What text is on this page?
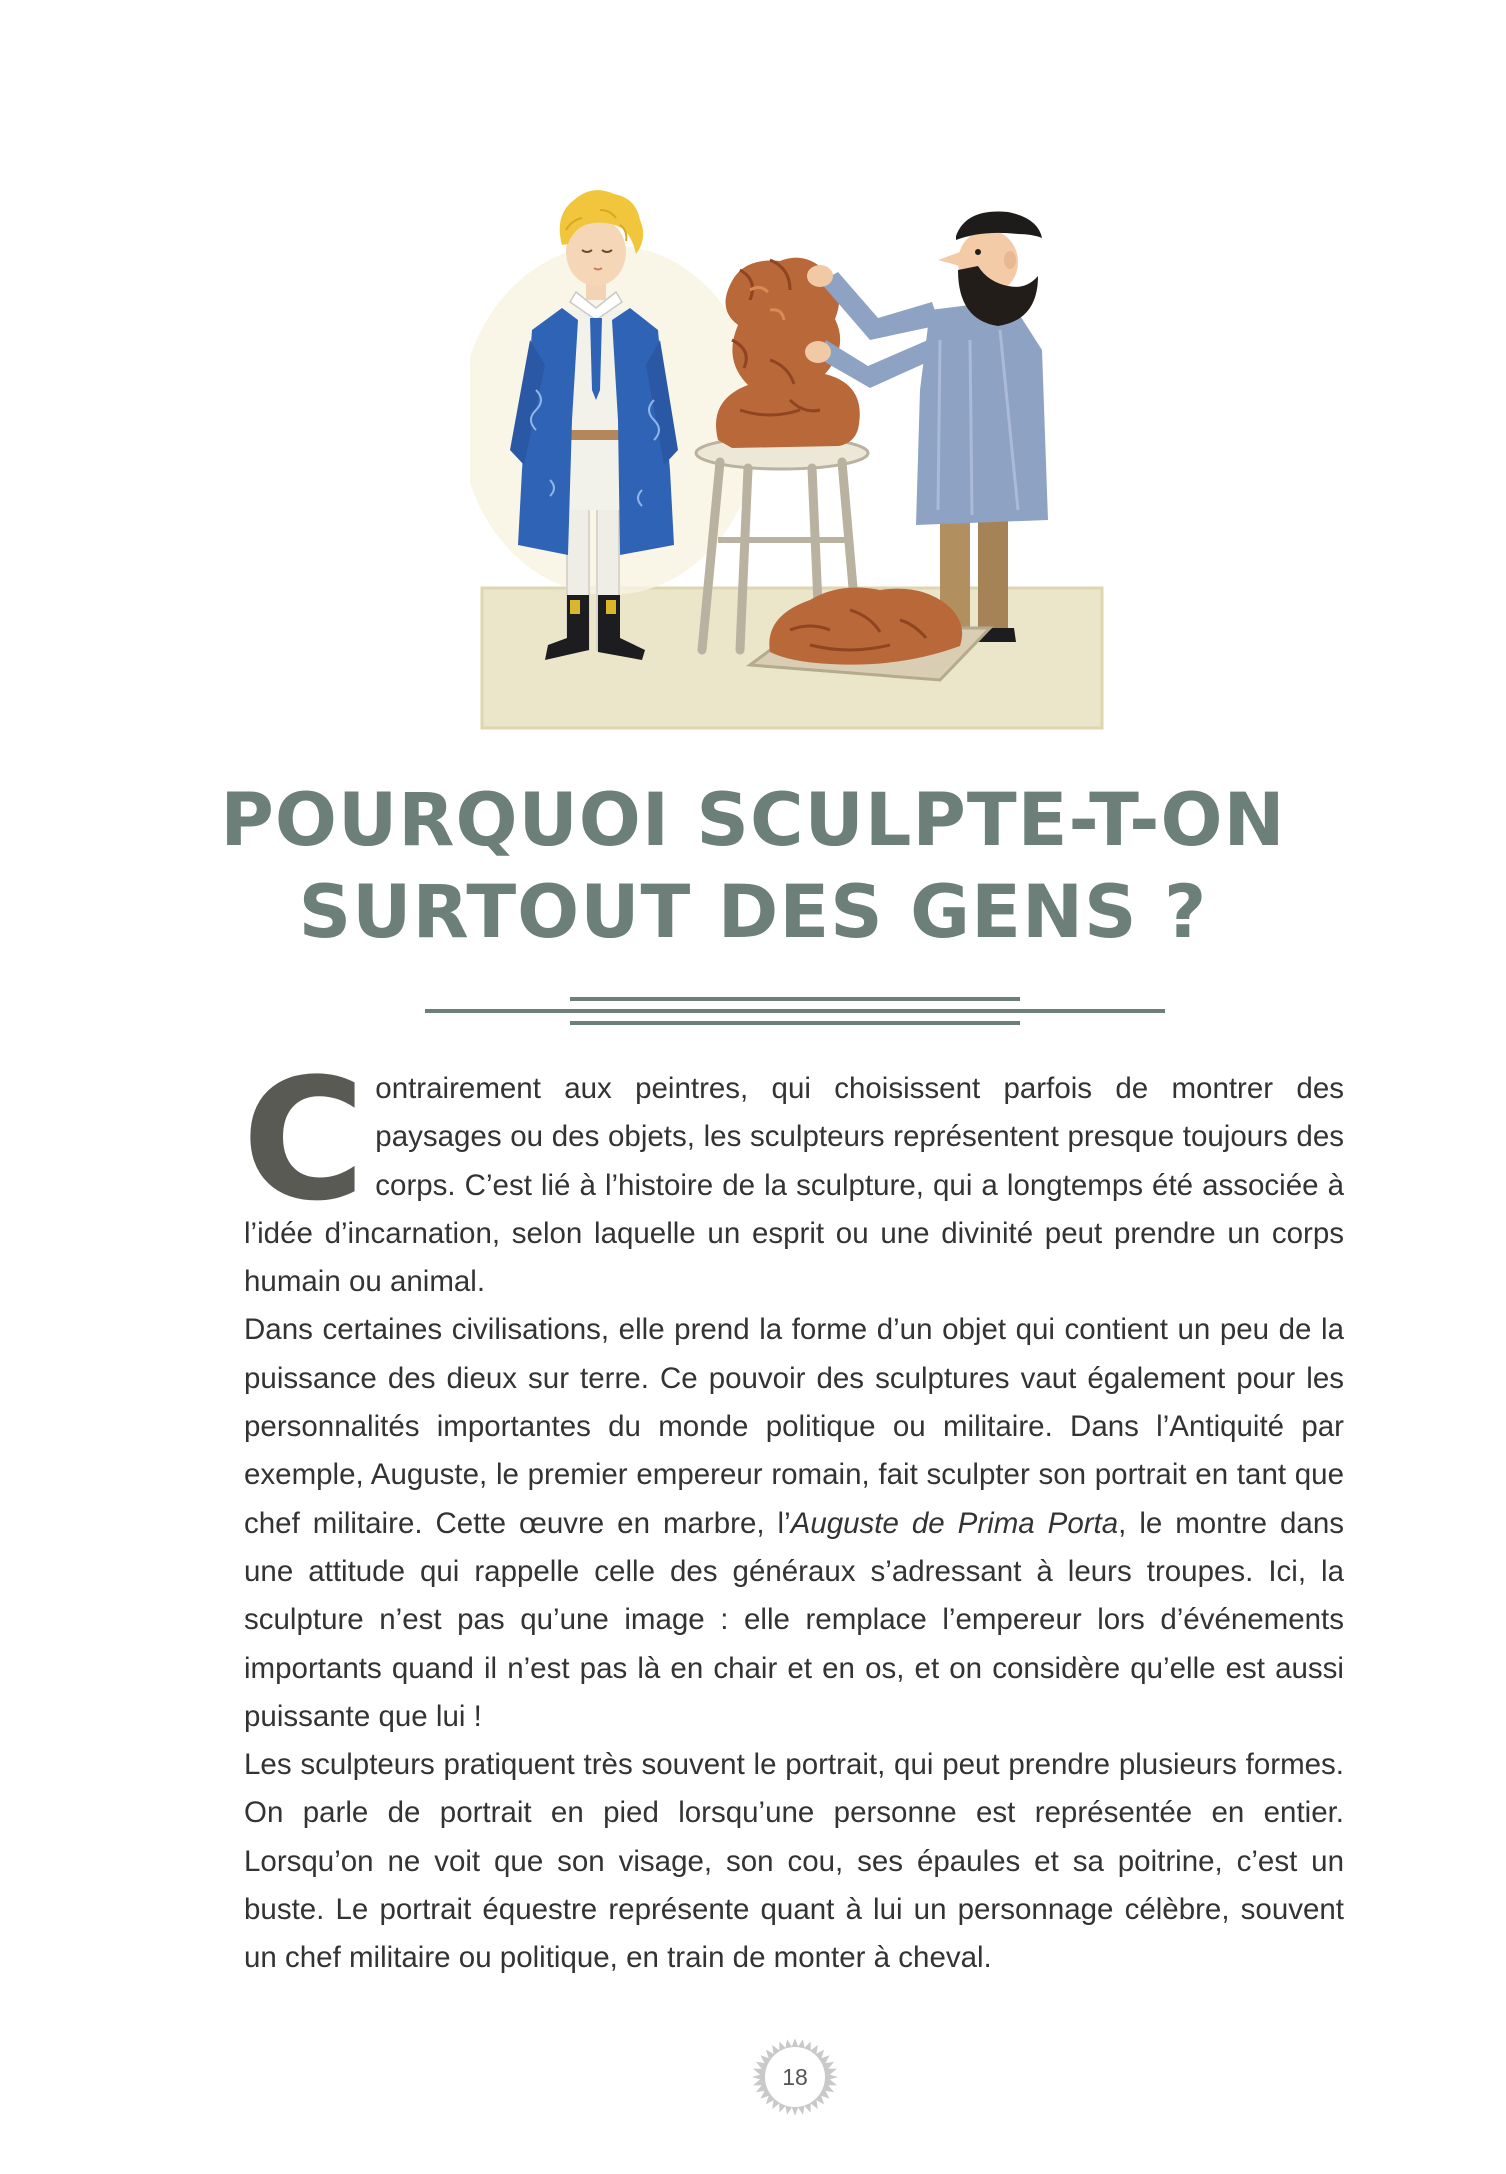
POURQUOI SCULPTE-T-ON
SURTOUT DES GENS ?

Contrairement aux peintres, qui choisissent parfois de montrer des paysages ou des objets, les sculpteurs représentent presque toujours des corps. C’est lié à l’histoire de la sculpture, qui a longtemps été associée à l’idée d’incarnation, selon laquelle un esprit ou une divinité peut prendre un corps humain ou animal.

Dans certaines civilisations, elle prend la forme d’un objet qui contient un peu de la puissance des dieux sur terre. Ce pouvoir des sculptures vaut également pour les personnalités importantes du monde politique ou militaire. Dans l’Antiquité par exemple, Auguste, le premier empereur romain, fait sculpter son portrait en tant que chef militaire. Cette œuvre en marbre, l’Auguste de Prima Porta, le montre dans une attitude qui rappelle celle des généraux s’adressant à leurs troupes. Ici, la sculpture n’est pas qu’une image : elle remplace l’empereur lors d’événements importants quand il n’est pas là en chair et en os, et on considère qu’elle est aussi puissante que lui !

Les sculpteurs pratiquent très souvent le portrait, qui peut prendre plusieurs formes. On parle de portrait en pied lorsqu’une personne est représentée en entier. Lorsqu’on ne voit que son visage, son cou, ses épaules et sa poitrine, c’est un buste. Le portrait équestre représente quant à lui un personnage célèbre, souvent un chef militaire ou politique, en train de monter à cheval.

18
